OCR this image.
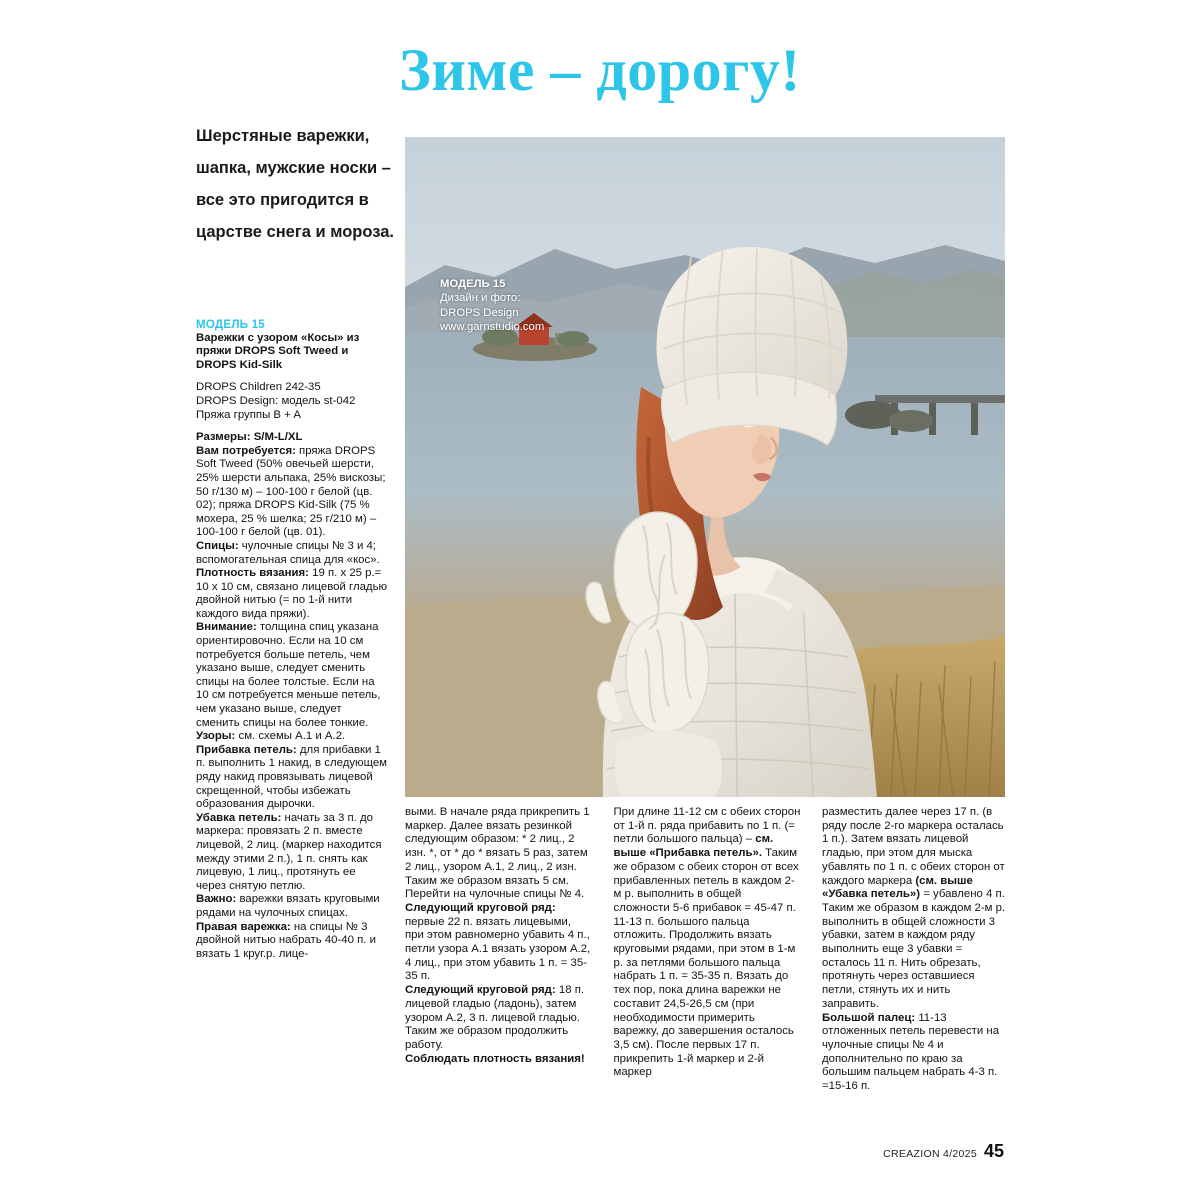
Зиме – дорогу!
Шерстяные варежки, шапка, мужские носки – все это пригодится в царстве снега и мороза.

МОДЕЛЬ 15

Варежки с узором «Косы» из пряжи DROPS Soft Tweed и DROPS Kid-Silk

DROPS Children 242-35

DROPS Design: модель st-042

Пряжа группы B + A

Размеры: S/M-L/XL

Вам потребуется: пряжа DROPS Soft Tweed (50% овечьей шерсти, 25% шерсти альпака, 25% вискозы; 50 г/130 м) – 100-100 г белой (цв. 02); пряжа DROPS Kid-Silk (75 % мохера, 25 % шелка; 25 г/210 м) – 100-100 г белой (цв. 01).

Спицы: чулочные спицы № 3 и 4; вспомогательная спица для «кос».

Плотность вязания: 19 п. х 25 р.= 10 х 10 см, связано лицевой гладью двойной нитью (= по 1-й нити каждого вида пряжи).

Внимание: толщина спиц указана ориентировочно. Если на 10 см потребуется больше петель, чем указано выше, следует сменить спицы на более толстые. Если на 10 см потребуется меньше петель, чем указано выше, следует сменить спицы на более тонкие.

Узоры: см. схемы А.1 и А.2.

Прибавка петель: для прибавки 1 п. выполнить 1 накид, в следующем ряду накид провязывать лицевой скрещенной, чтобы избежать образования дырочки.

Убавка петель: начать за 3 п. до маркера: провязать 2 п. вместе лицевой, 2 лиц. (маркер находится между этими 2 п.), 1 п. снять как лицевую, 1 лиц., протянуть ее через снятую петлю.

Важно: варежки вязать круговыми рядами на чулочных спицах.

Правая варежка: на спицы № 3 двойной нитью набрать 40-40 п. и вязать 1 круг.р. лице-

МОДЕЛЬ 15
Дизайн и фото:
DROPS Design
www.garnstudio.com

выми. В начале ряда прикрепить 1 маркер. Далее вязать резинкой следующим образом: * 2 лиц., 2 изн. *, от * до * вязать 5 раз, затем 2 лиц., узором А.1, 2 лиц., 2 изн. Таким же образом вязать 5 см. Перейти на чулочные спицы № 4.

Следующий круговой ряд: первые 22 п. вязать лицевыми, при этом равномерно убавить 4 п., петли узора А.1 вязать узором А.2, 4 лиц., при этом убавить 1 п. = 35-35 п.

Следующий круговой ряд: 18 п. лицевой гладью (ладонь), затем узором А.2, 3 п. лицевой гладью.

Таким же образом продолжить работу.

Соблюдать плотность вязания!

При длине 11-12 см с обеих сторон от 1-й п. ряда прибавить по 1 п. (= петли большого пальца) – см. выше «Прибавка петель». Таким же образом с обеих сторон от всех прибавленных петель в каждом 2-м р. выполнить в общей сложности 5-6 прибавок = 45-47 п. 11-13 п. большого пальца отложить. Продолжить вязать круговыми рядами, при этом в 1-м р. за петлями большого пальца набрать 1 п. = 35-35 п. Вязать до тех пор, пока длина варежки не составит 24,5-26,5 см (при необходимости примерить варежку, до завершения осталось 3,5 см). После первых 17 п. прикрепить 1-й маркер и 2-й маркер

разместить далее через 17 п. (в ряду после 2-го маркера осталась 1 п.). Затем вязать лицевой гладью, при этом для мыска убавлять по 1 п. с обеих сторон от каждого маркера (см. выше «Убавка петель») = убавлено 4 п. Таким же образом в каждом 2-м р. выполнить в общей сложности 3 убавки, затем в каждом ряду выполнить еще 3 убавки = осталось 11 п. Нить обрезать, протянуть через оставшиеся петли, стянуть их и нить заправить.

Большой палец: 11-13 отложенных петель перевести на чулочные спицы № 4 и дополнительно по краю за большим пальцем набрать 4-3 п. =15-16 п.

CREAZION 4/2025 45
